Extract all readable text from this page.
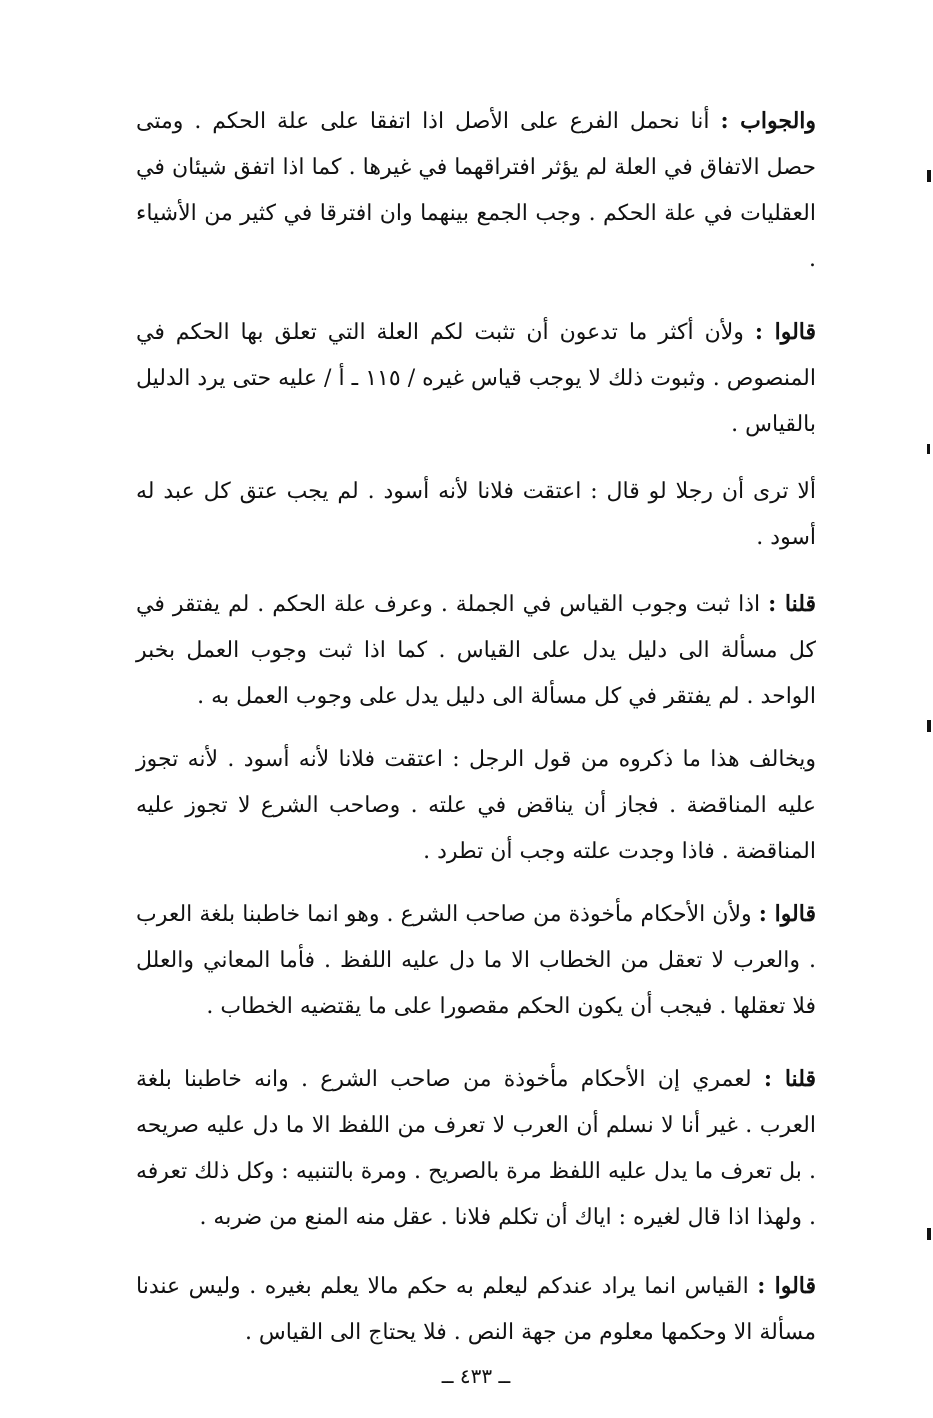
والجواب : أنا نحمل الفرع على الأصل اذا اتفقا على علة الحكم . ومتى حصل الاتفاق في العلة لم يؤثر افتراقهما في غيرها . كما اذا اتفق شيئان في العقليات في علة الحكم . وجب الجمع بينهما وان افترقا في كثير من الأشياء .

قالوا : ولأن أكثر ما تدعون أن تثبت لكم العلة التي تعلق بها الحكم في المنصوص . وثبوت ذلك لا يوجب قياس غيره / ١١٥ ـ أ / عليه حتى يرد الدليل بالقياس .

ألا ترى أن رجلا لو قال : اعتقت فلانا لأنه أسود . لم يجب عتق كل عبد له أسود .

قلنا : اذا ثبت وجوب القياس في الجملة . وعرف علة الحكم . لم يفتقر في كل مسألة الى دليل يدل على القياس . كما اذا ثبت وجوب العمل بخبر الواحد . لم يفتقر في كل مسألة الى دليل يدل على وجوب العمل به .

ويخالف هذا ما ذكروه من قول الرجل : اعتقت فلانا لأنه أسود . لأنه تجوز عليه المناقضة . فجاز أن يناقض في علته . وصاحب الشرع لا تجوز عليه المناقضة . فاذا وجدت علته وجب أن تطرد .

قالوا : ولأن الأحكام مأخوذة من صاحب الشرع . وهو انما خاطبنا بلغة العرب . والعرب لا تعقل من الخطاب الا ما دل عليه اللفظ . فأما المعاني والعلل فلا تعقلها . فيجب أن يكون الحكم مقصورا على ما يقتضيه الخطاب .

قلنا : لعمري إن الأحكام مأخوذة من صاحب الشرع . وانه خاطبنا بلغة العرب . غير أنا لا نسلم أن العرب لا تعرف من اللفظ الا ما دل عليه صريحه . بل تعرف ما يدل عليه اللفظ مرة بالصريح . ومرة بالتنبيه : وكل ذلك تعرفه . ولهذا اذا قال لغيره : اياك أن تكلم فلانا . عقل منه المنع من ضربه .

قالوا : القياس انما يراد عندكم ليعلم به حكم مالا يعلم بغيره . وليس عندنا مسألة الا وحكمها معلوم من جهة النص . فلا يحتاج الى القياس .

ــ ٤٣٣ ــ
